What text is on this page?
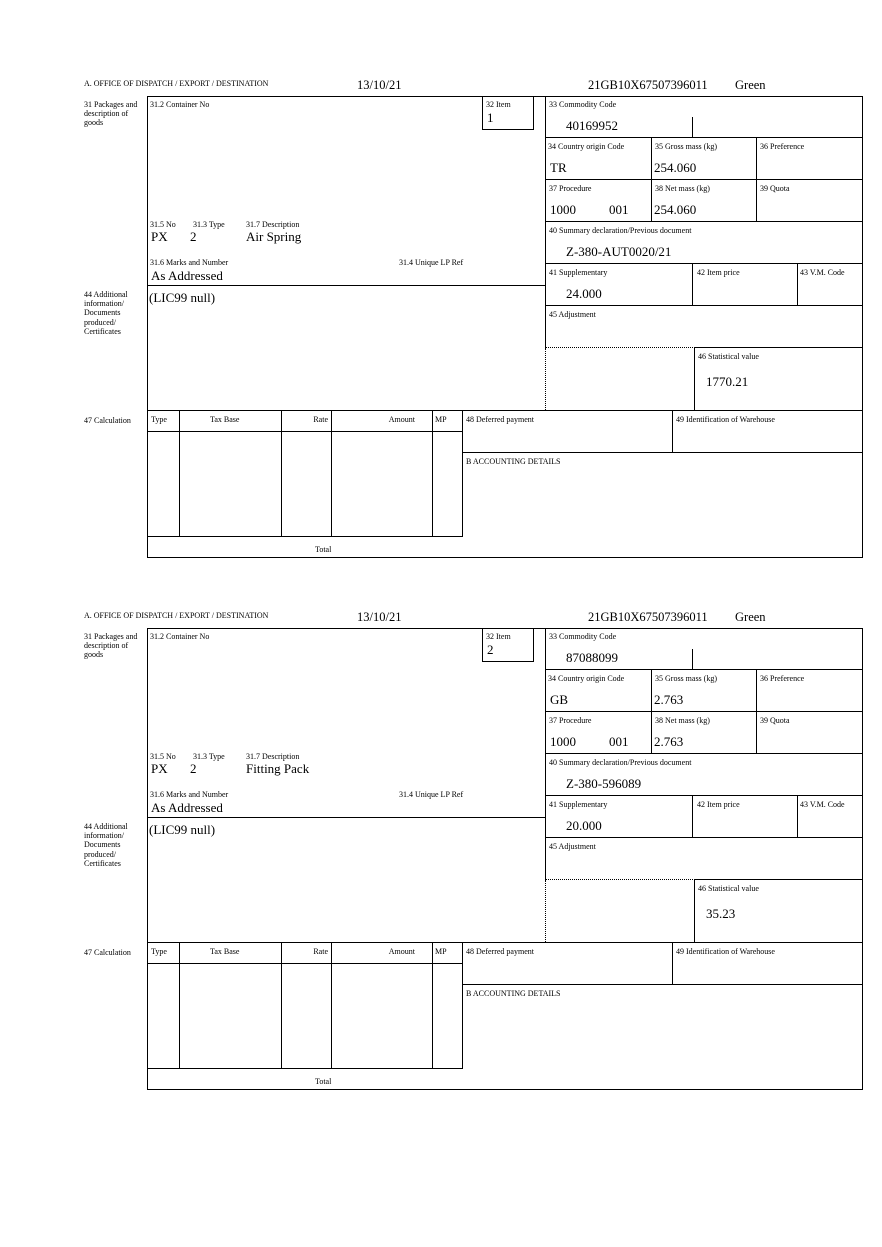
A. OFFICE OF DISPATCH / EXPORT / DESTINATION	13/10/21	21GB10X67507396011 Green
31 Packages and description of goods
44 Additional information/ Documents produced/ Certificates
47 Calculation
31.2 Container No	32 Item
1
31.5 No 31.3 Type	31.7 Description
PX 2	Air Spring
31.6 Marks and Number	31.4 Unique LP Ref
As Addressed
(LIC99 null)
33 Commodity Code
40169952
34 Country origin Code
TR
35 Gross mass (kg)
254.060
36 Preference
37 Procedure
1000	001
38 Net mass (kg)
254.060
39 Quota
40 Summary declaration/Previous document
Z-380-AUT0020/21
41 Supplementary
24.000
42 Item price	43 V.M. Code
45 Adjustment
46 Statistical value
1770.21
Type	Tax Base	Rate	Amount	MP
Total
48 Deferred payment	49 Identification of Warehouse
B ACCOUNTING DETAILS
A. OFFICE OF DISPATCH / EXPORT / DESTINATION	13/10/21	21GB10X67507396011 Green
31 Packages and description of goods
44 Additional information/ Documents produced/ Certificates
47 Calculation
31.2 Container No	32 Item
2
31.5 No 31.3 Type	31.7 Description
PX 2	Fitting Pack
31.6 Marks and Number	31.4 Unique LP Ref
As Addressed
(LIC99 null)
33 Commodity Code
87088099
34 Country origin Code
GB
35 Gross mass (kg)
2.763
36 Preference
37 Procedure
1000	001
38 Net mass (kg)
2.763
39 Quota
40 Summary declaration/Previous document
Z-380-596089
41 Supplementary
20.000
42 Item price	43 V.M. Code
45 Adjustment
46 Statistical value
35.23
Type	Tax Base	Rate	Amount	MP
Total
48 Deferred payment	49 Identification of Warehouse
B ACCOUNTING DETAILS
